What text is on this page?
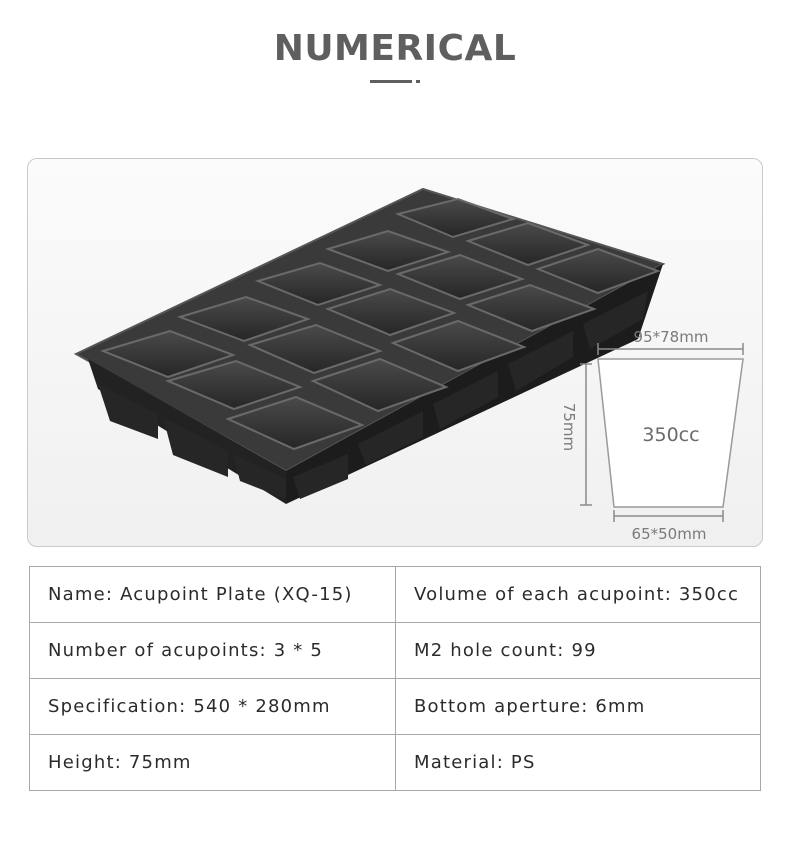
NUMERICAL
95*78mm
350cc
65*50mm
75mm
Name: Acupoint Plate (XQ-15)	Volume of each acupoint: 350cc
Number of acupoints: 3 * 5	M2 hole count: 99
Specification: 540 * 280mm	Bottom aperture: 6mm
Height: 75mm	Material: PS
